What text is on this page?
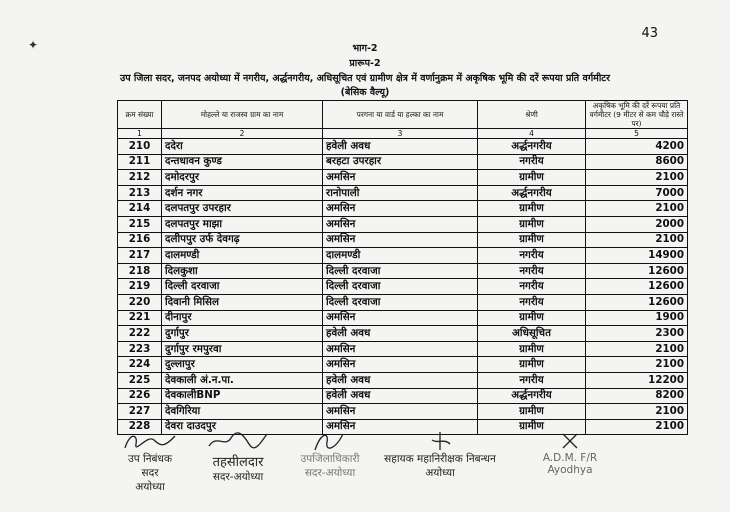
43
✦	भाग-2
प्रारूप-2
उप जिला सदर, जनपद अयोध्या में नगरीय, अर्द्धनगरीय, अधिसूचित एवं ग्रामीण क्षेत्र में वर्णानुक्रम में अकृषिक भूमि की दरें रूपया प्रति वर्गमीटर
(बेसिक वैल्यू)
क्रम संख्या	मोहल्ले या राजस्व ग्राम का नाम	परगना या वार्ड या हल्का का नाम	श्रेणी	अकृषिक भूमि की दरें रूपया प्रति वर्गमीटर (9 मीटर से कम चौड़े रास्ते पर)
1	2	3	4	5
210	ददेरा	हवेली अवध	अर्द्धनगरीय	4200
211	दन्तधावन कुण्ड	बरहटा उपरहार	नगरीय	8600
212	दमोदरपुर	अमसिन	ग्रामीण	2100
213	दर्शन नगर	रानोपाली	अर्द्धनगरीय	7000
214	दलपतपुर उपरहार	अमसिन	ग्रामीण	2100
215	दलपतपुर माझा	अमसिन	ग्रामीण	2000
216	दलीपपुर उर्फ देवगढ़	अमसिन	ग्रामीण	2100
217	दालमण्डी	दालमण्डी	नगरीय	14900
218	दिलकुशा	दिल्ली दरवाजा	नगरीय	12600
219	दिल्ली दरवाजा	दिल्ली दरवाजा	नगरीय	12600
220	दिवानी मिसिल	दिल्ली दरवाजा	नगरीय	12600
221	दीनापुर	अमसिन	ग्रामीण	1900
222	दुर्गापुर	हवेली अवध	अधिसूचित	2300
223	दुर्गापुर रमपुरवा	अमसिन	ग्रामीण	2100
224	दुल्लापुर	अमसिन	ग्रामीण	2100
225	देवकाली अं.न.पा.	हवेली अवध	नगरीय	12200
226	देवकालीBNP	हवेली अवध	अर्द्धनगरीय	8200
227	देवगिरिया	अमसिन	ग्रामीण	2100
228	देवरा दाउदपुर	अमसिन	ग्रामीण	2100
उप निबंधक
सदर
अयोध्या
तहसीलदार
सदर-अयोध्या
उपजिलाधिकारी
सदर-अयोध्या
सहायक महानिरीक्षक निबन्धन
अयोध्या
A.D.M. F/R
Ayodhya
